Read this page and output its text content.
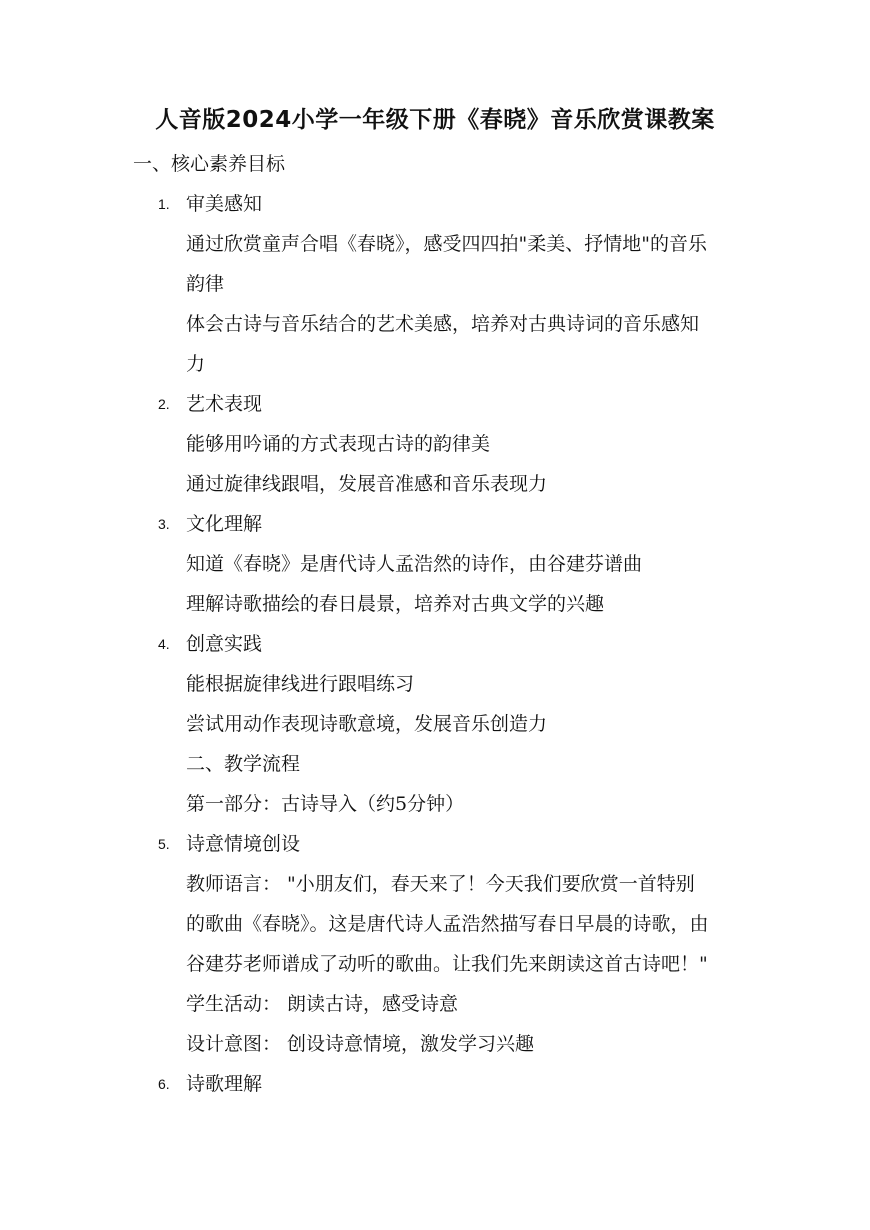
人音版2024小学一年级下册《春晓》音乐欣赏课教案
一、核心素养目标
1. 审美感知
通过欣赏童声合唱《春晓》，感受四四拍"柔美、抒情地"的音乐
韵律
体会古诗与音乐结合的艺术美感，培养对古典诗词的音乐感知
力
2. 艺术表现
能够用吟诵的方式表现古诗的韵律美
通过旋律线跟唱，发展音准感和音乐表现力
3. 文化理解
知道《春晓》是唐代诗人孟浩然的诗作，由谷建芬谱曲
理解诗歌描绘的春日晨景，培养对古典文学的兴趣
4. 创意实践
能根据旋律线进行跟唱练习
尝试用动作表现诗歌意境，发展音乐创造力
二、教学流程
第一部分：古诗导入（约5分钟）
5. 诗意情境创设
教师语言： "小朋友们，春天来了！今天我们要欣赏一首特别
的歌曲《春晓》。这是唐代诗人孟浩然描写春日早晨的诗歌，由
谷建芬老师谱成了动听的歌曲。让我们先来朗读这首古诗吧！"
学生活动： 朗读古诗，感受诗意
设计意图： 创设诗意情境，激发学习兴趣
6. 诗歌理解
